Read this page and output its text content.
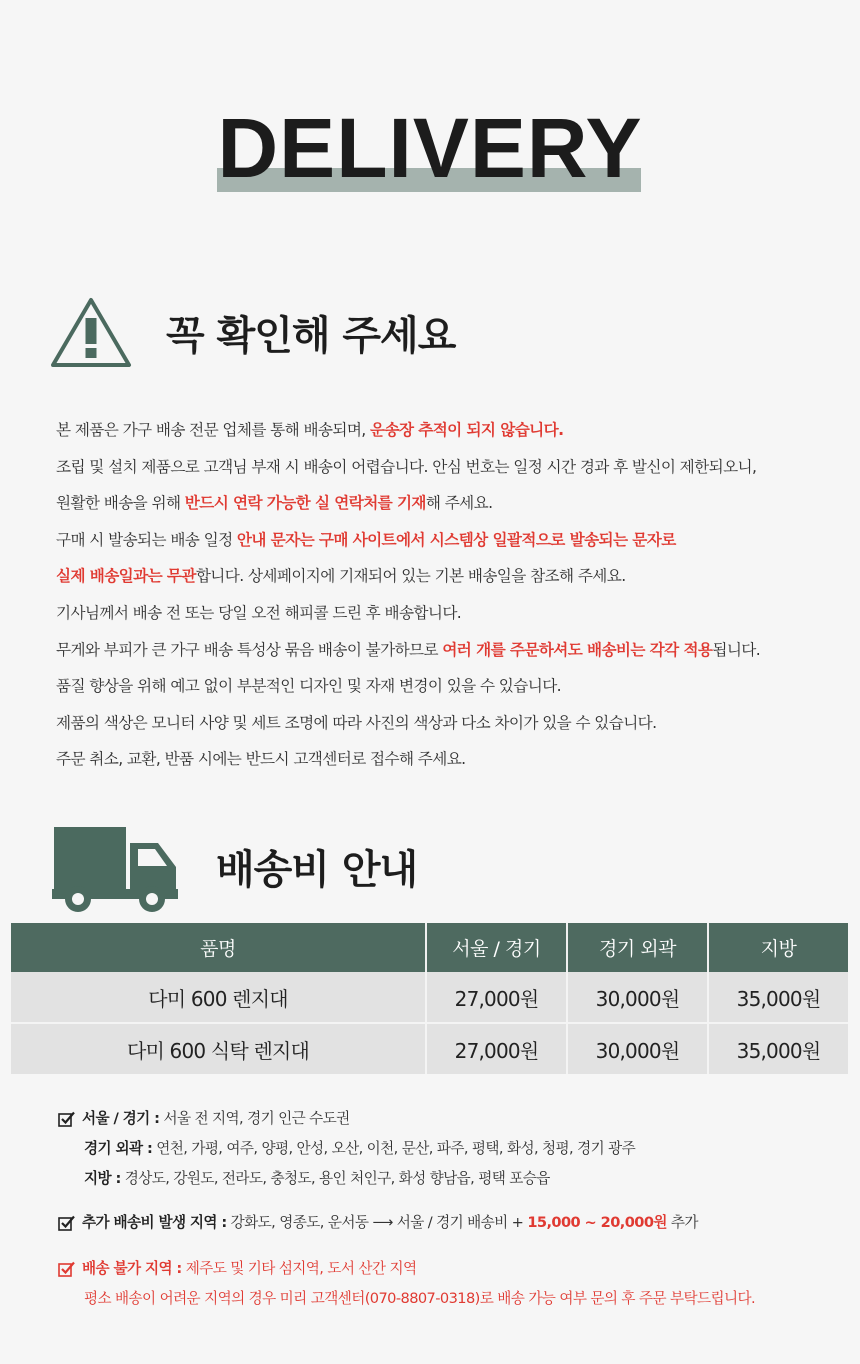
DELIVERY
꼭 확인해 주세요
본 제품은 가구 배송 전문 업체를 통해 배송되며, 운송장 추적이 되지 않습니다.
조립 및 설치 제품으로 고객님 부재 시 배송이 어렵습니다. 안심 번호는 일정 시간 경과 후 발신이 제한되오니,
원활한 배송을 위해 반드시 연락 가능한 실 연락처를 기재해 주세요.
구매 시 발송되는 배송 일정 안내 문자는 구매 사이트에서 시스템상 일괄적으로 발송되는 문자로
실제 배송일과는 무관합니다. 상세페이지에 기재되어 있는 기본 배송일을 참조해 주세요.
기사님께서 배송 전 또는 당일 오전 해피콜 드린 후 배송합니다.
무게와 부피가 큰 가구 배송 특성상 묶음 배송이 불가하므로 여러 개를 주문하셔도 배송비는 각각 적용됩니다.
품질 향상을 위해 예고 없이 부분적인 디자인 및 자재 변경이 있을 수 있습니다.
제품의 색상은 모니터 사양 및 세트 조명에 따라 사진의 색상과 다소 차이가 있을 수 있습니다.
주문 취소, 교환, 반품 시에는 반드시 고객센터로 접수해 주세요.
배송비 안내
품명	서울 / 경기	경기 외곽	지방
다미 600 렌지대	27,000원	30,000원	35,000원
다미 600 식탁 렌지대	27,000원	30,000원	35,000원
서울 / 경기 : 서울 전 지역, 경기 인근 수도권
경기 외곽 : 연천, 가평, 여주, 양평, 안성, 오산, 이천, 문산, 파주, 평택, 화성, 청평, 경기 광주
지방 : 경상도, 강원도, 전라도, 충청도, 용인 처인구, 화성 향남읍, 평택 포승읍
추가 배송비 발생 지역 : 강화도, 영종도, 운서동 ⟶ 서울 / 경기 배송비 + 15,000 ~ 20,000원 추가
배송 불가 지역 : 제주도 및 기타 섬지역, 도서 산간 지역
평소 배송이 어려운 지역의 경우 미리 고객센터(070-8807-0318)로 배송 가능 여부 문의 후 주문 부탁드립니다.
